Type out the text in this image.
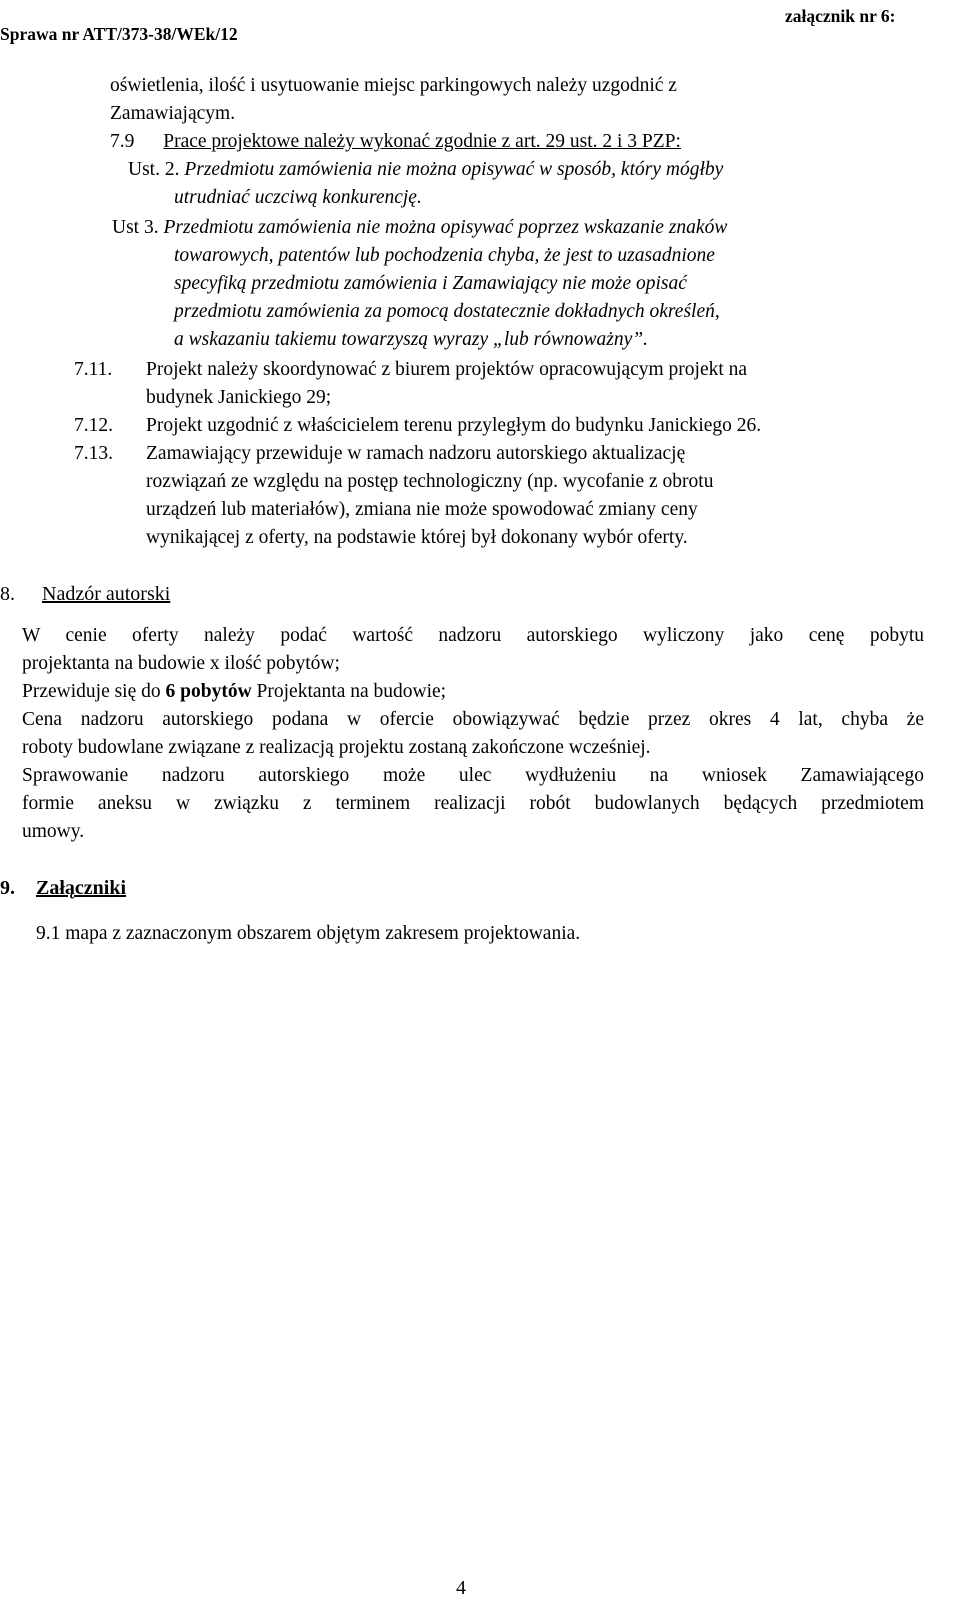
Sprawa nr ATT/373-38/WEk/12
załącznik nr 6:
oświetlenia, ilość i usytuowanie miejsc parkingowych należy uzgodnić z
Zamawiającym.
7.9 Prace projektowe należy wykonać zgodnie z art. 29 ust. 2 i 3 PZP:
Ust. 2. Przedmiotu zamówienia nie można opisywać w sposób, który mógłby
utrudniać uczciwą konkurencję.
Ust 3. Przedmiotu zamówienia nie można opisywać poprzez wskazanie znaków
towarowych, patentów lub pochodzenia chyba, że jest to uzasadnione
specyfiką przedmiotu zamówienia i Zamawiający nie może opisać
przedmiotu zamówienia za pomocą dostatecznie dokładnych określeń,
a wskazaniu takiemu towarzyszą wyrazy „lub równoważny”.
7.11. Projekt należy skoordynować z biurem projektów opracowującym projekt na
budynek Janickiego 29;
7.12. Projekt uzgodnić z właścicielem terenu przyległym do budynku Janickiego 26.
7.13. Zamawiający przewiduje w ramach nadzoru autorskiego aktualizację
rozwiązań ze względu na postęp technologiczny (np. wycofanie z obrotu
urządzeń lub materiałów), zmiana nie może spowodować zmiany ceny
wynikającej z oferty, na podstawie której był dokonany wybór oferty.
8. Nadzór autorski
W cenie oferty należy podać wartość nadzoru autorskiego wyliczony jako cenę pobytu
projektanta na budowie x ilość pobytów;
Przewiduje się do 6 pobytów Projektanta na budowie;
Cena nadzoru autorskiego podana w ofercie obowiązywać będzie przez okres 4 lat, chyba że
roboty budowlane związane z realizacją projektu zostaną zakończone wcześniej.
Sprawowanie nadzoru autorskiego może ulec wydłużeniu na wniosek Zamawiającego
formie aneksu w związku z terminem realizacji robót budowlanych będących przedmiotem
umowy.
9. Załączniki
9.1 mapa z zaznaczonym obszarem objętym zakresem projektowania.
4
